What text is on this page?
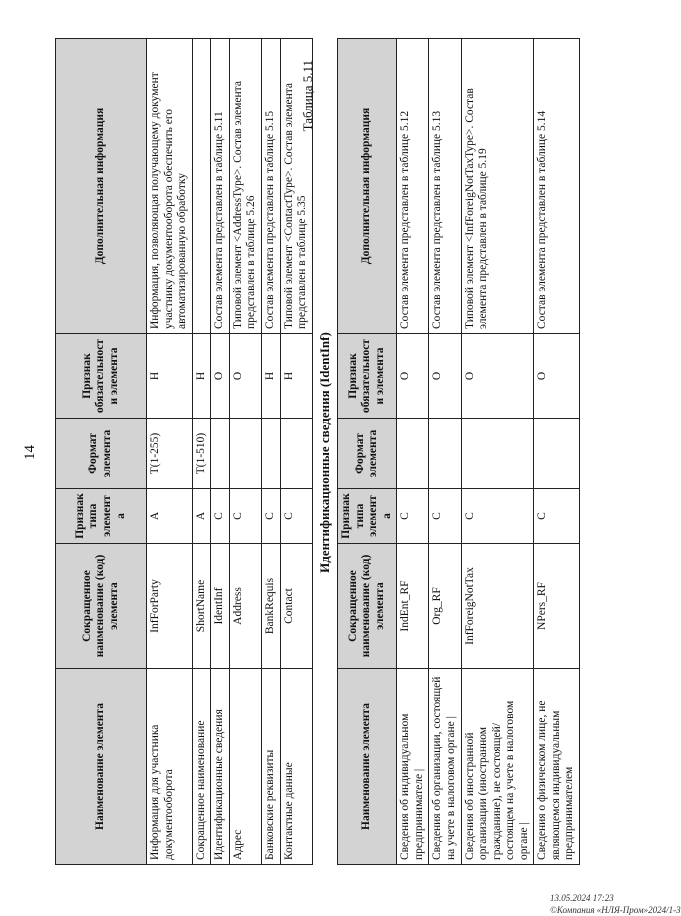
14
Наименование элемента	Сокращенное наименование (код) элемента	Признак типа элемента	Формат элемента	Признак обязательности элемента	Дополнительная информация
Информация для участника документооборота	InfForParty	А	T(1-255)	Н	Информация, позволяющая получающему документ участнику документооборота обеспечить его автоматизированную обработку
Сокращенное наименование	ShortName	А	T(1-510)	Н	
Идентификационные сведения	IdentInf	С		О	Состав элемента представлен в таблице 5.11
Адрес	Address	С		О	Типовой элемент <AddressType>. Состав элемента представлен в таблице 5.26
Банковские реквизиты	BankRequis	С		Н	Состав элемента представлен в таблице 5.15
Контактные данные	Contact	С		Н	Типовой элемент <ContactType>. Состав элемента представлен в таблице 5.35
Таблица 5.11
Идентификационные сведения (IdentInf)
Наименование элемента	Сокращенное наименование (код) элемента	Признак типа элемента	Формат элемента	Признак обязательности элемента	Дополнительная информация
Сведения об индивидуальном предпринимателе |	IndEnt_RF	С		О	Состав элемента представлен в таблице 5.12
Сведения об организации, состоящей на учете в налоговом органе |	Org_RF	С		О	Состав элемента представлен в таблице 5.13
Сведения об иностранной организации (иностранном гражданине), не состоящей/состоящем на учете в налоговом органе |	InfForeigNotTax	С		О	Типовой элемент <InfForeigNotTaxType>. Состав элемента представлен в таблице 5.19
Сведения о физическом лице, не являющемся индивидуальным предпринимателем	NPers_RF	С		О	Состав элемента представлен в таблице 5.14
13.05.2024 17:23
©Компания «НЛЯ-Пром»2024/1-3
